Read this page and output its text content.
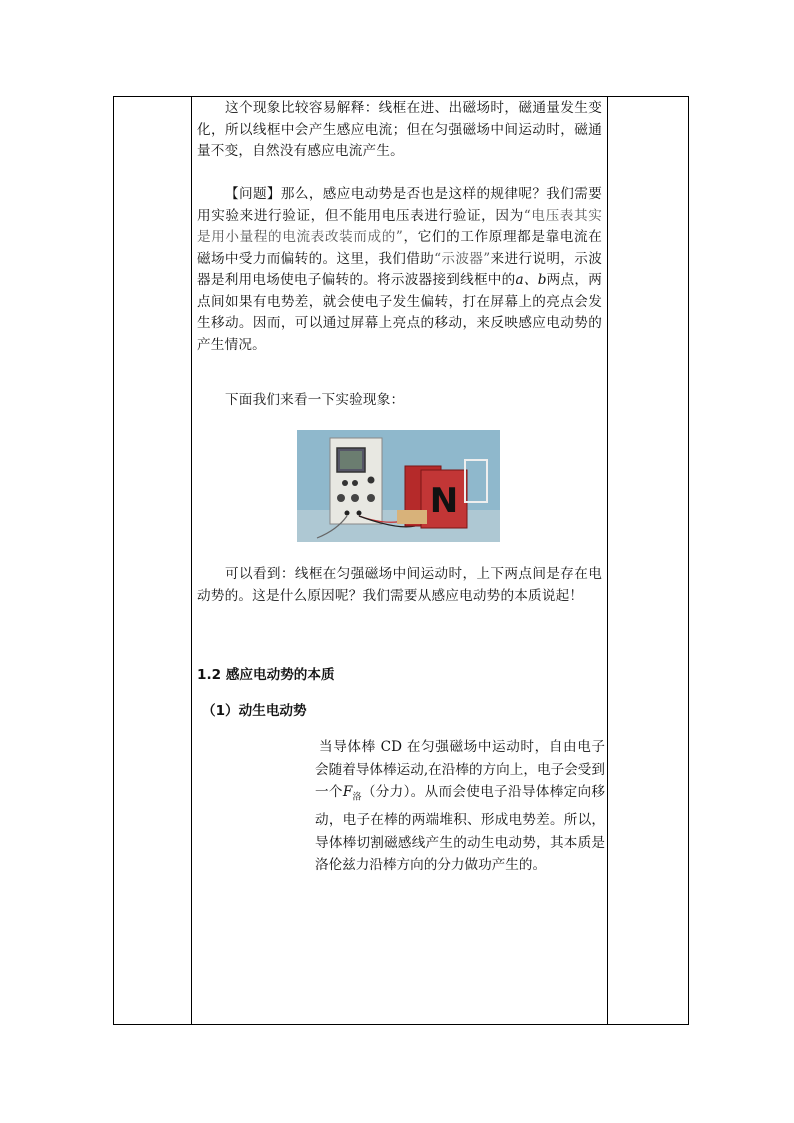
这个现象比较容易解释：线框在进、出磁场时，磁通量发生变化，所以线框中会产生感应电流；但在匀强磁场中间运动时，磁通量不变，自然没有感应电流产生。
【问题】那么，感应电动势是否也是这样的规律呢？我们需要用实验来进行验证，但不能用电压表进行验证，因为“电压表其实是用小量程的电流表改装而成的”，它们的工作原理都是靠电流在磁场中受力而偏转的。这里，我们借助“示波器”来进行说明，示波器是利用电场使电子偏转的。将示波器接到线框中的a、b两点，两点间如果有电势差，就会使电子发生偏转，打在屏幕上的亮点会发生移动。因而，可以通过屏幕上亮点的移动，来反映感应电动势的产生情况。
下面我们来看一下实验现象：
N
可以看到：线框在匀强磁场中间运动时，上下两点间是存在电动势的。这是什么原因呢？我们需要从感应电动势的本质说起！
1.2 感应电动势的本质
（1）动生电动势
当导体棒 CD 在匀强磁场中运动时，自由电子会随着导体棒运动,在沿棒的方向上，电子会受到一个$F_洛$（分力）。从而会使电子沿导体棒定向移动，电子在棒的两端堆积、形成电势差。所以，导体棒切割磁感线产生的动生电动势，其本质是洛伦兹力沿棒方向的分力做功产生的。
